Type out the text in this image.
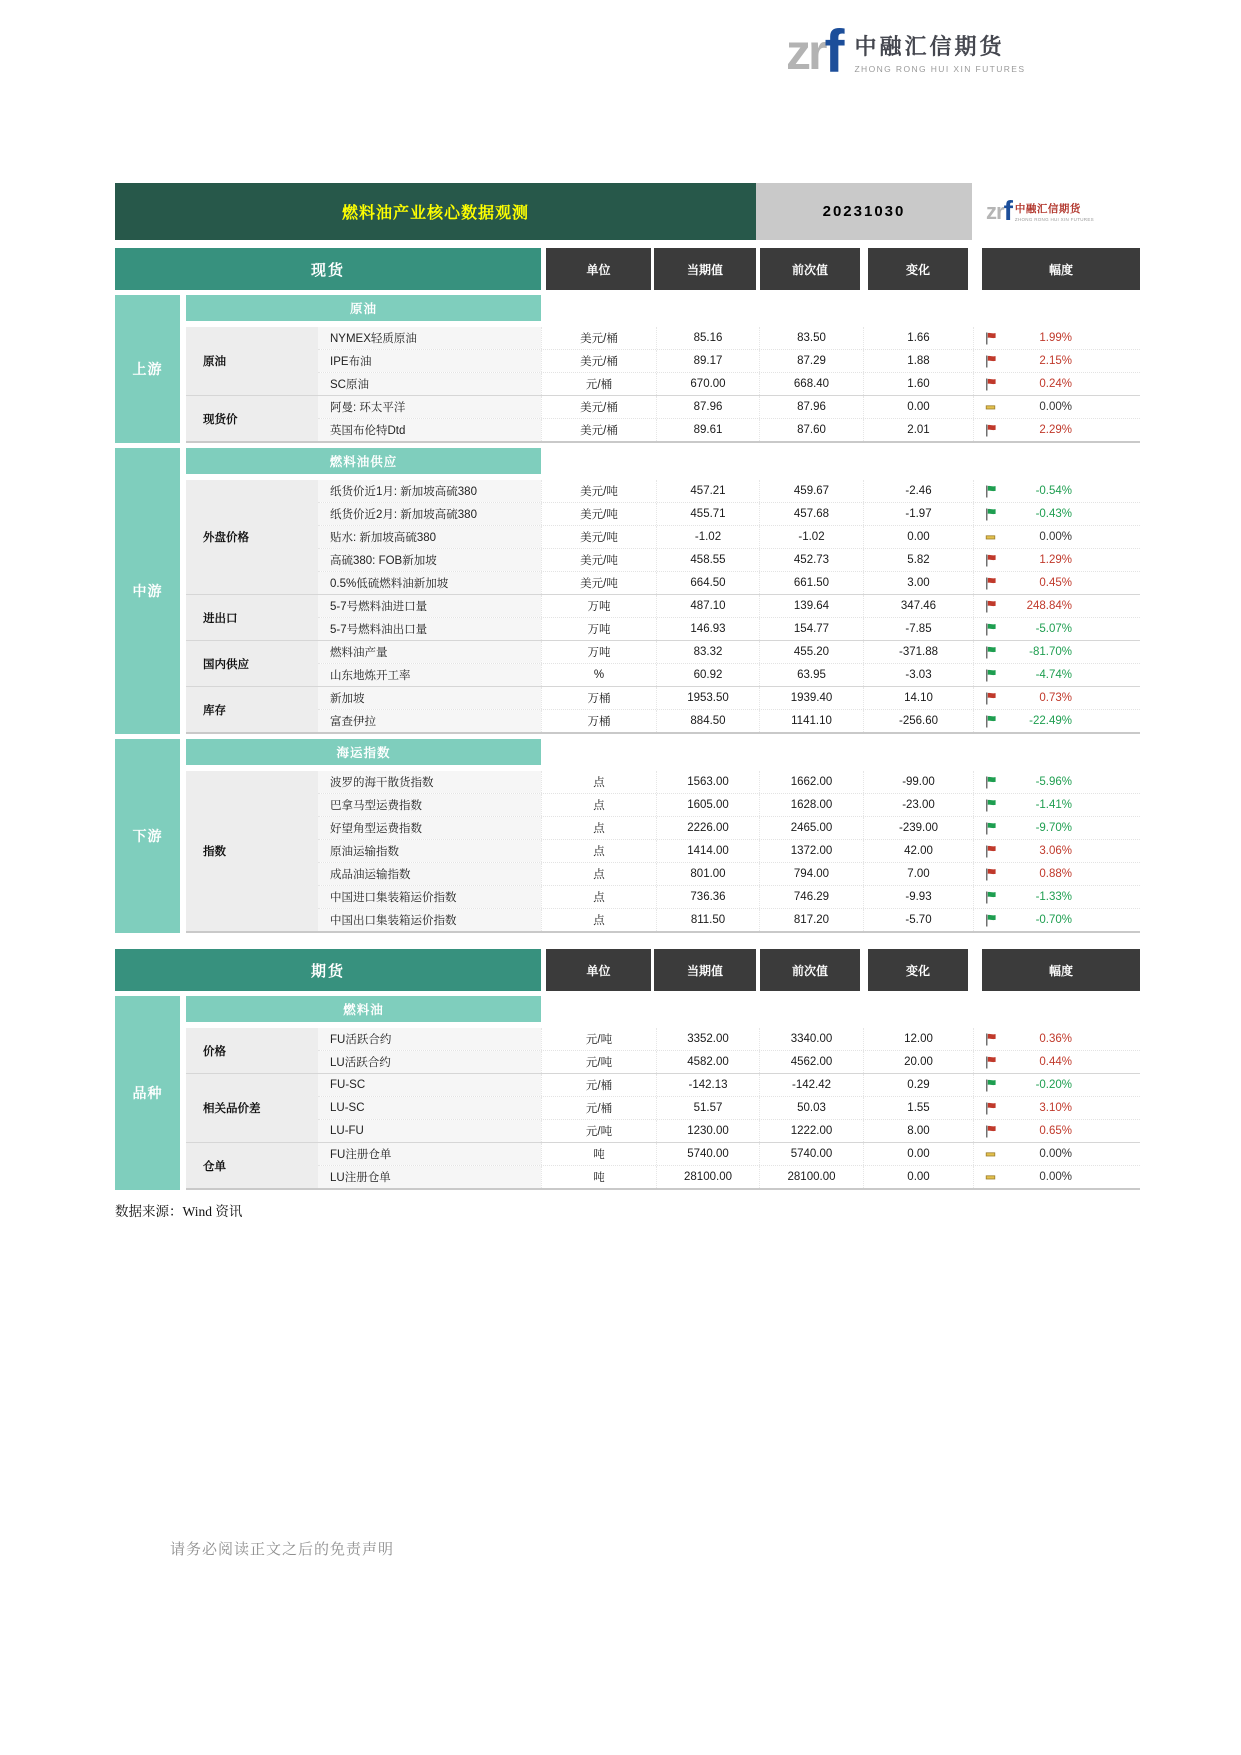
zr f 中融汇信期货
ZHONG RONG HUI XIN FUTURES
燃料油产业核心数据观测	20231030	zr f 中融汇信期货
ZHONG RONG HUI XIN FUTURES
现货	单位	当期值	前次值	变化	幅度
上游
原油
原油
NYMEX轻质原油	美元/桶	85.16	83.50	1.66	1.99%
IPE布油	美元/桶	89.17	87.29	1.88	2.15%
SC原油	元/桶	670.00	668.40	1.60	0.24%
现货价
阿曼: 环太平洋	美元/桶	87.96	87.96	0.00	0.00%
英国布伦特Dtd	美元/桶	89.61	87.60	2.01	2.29%
中游
燃料油供应
外盘价格
纸货价近1月: 新加坡高硫380	美元/吨	457.21	459.67	-2.46	-0.54%
纸货价近2月: 新加坡高硫380	美元/吨	455.71	457.68	-1.97	-0.43%
贴水: 新加坡高硫380	美元/吨	-1.02	-1.02	0.00	0.00%
高硫380: FOB新加坡	美元/吨	458.55	452.73	5.82	1.29%
0.5%低硫燃料油新加坡	美元/吨	664.50	661.50	3.00	0.45%
进出口
5-7号燃料油进口量	万吨	487.10	139.64	347.46	248.84%
5-7号燃料油出口量	万吨	146.93	154.77	-7.85	-5.07%
国内供应
燃料油产量	万吨	83.32	455.20	-371.88	-81.70%
山东地炼开工率	%	60.92	63.95	-3.03	-4.74%
库存
新加坡	万桶	1953.50	1939.40	14.10	0.73%
富查伊拉	万桶	884.50	1141.10	-256.60	-22.49%
下游
海运指数
指数
波罗的海干散货指数	点	1563.00	1662.00	-99.00	-5.96%
巴拿马型运费指数	点	1605.00	1628.00	-23.00	-1.41%
好望角型运费指数	点	2226.00	2465.00	-239.00	-9.70%
原油运输指数	点	1414.00	1372.00	42.00	3.06%
成品油运输指数	点	801.00	794.00	7.00	0.88%
中国进口集装箱运价指数	点	736.36	746.29	-9.93	-1.33%
中国出口集装箱运价指数	点	811.50	817.20	-5.70	-0.70%
期货	单位	当期值	前次值	变化	幅度
品种
燃料油
价格
FU活跃合约	元/吨	3352.00	3340.00	12.00	0.36%
LU活跃合约	元/吨	4582.00	4562.00	20.00	0.44%
相关品价差
FU-SC	元/桶	-142.13	-142.42	0.29	-0.20%
LU-SC	元/桶	51.57	50.03	1.55	3.10%
LU-FU	元/吨	1230.00	1222.00	8.00	0.65%
仓单
FU注册仓单	吨	5740.00	5740.00	0.00	0.00%
LU注册仓单	吨	28100.00	28100.00	0.00	0.00%
数据来源：Wind 资讯
请务必阅读正文之后的免责声明
